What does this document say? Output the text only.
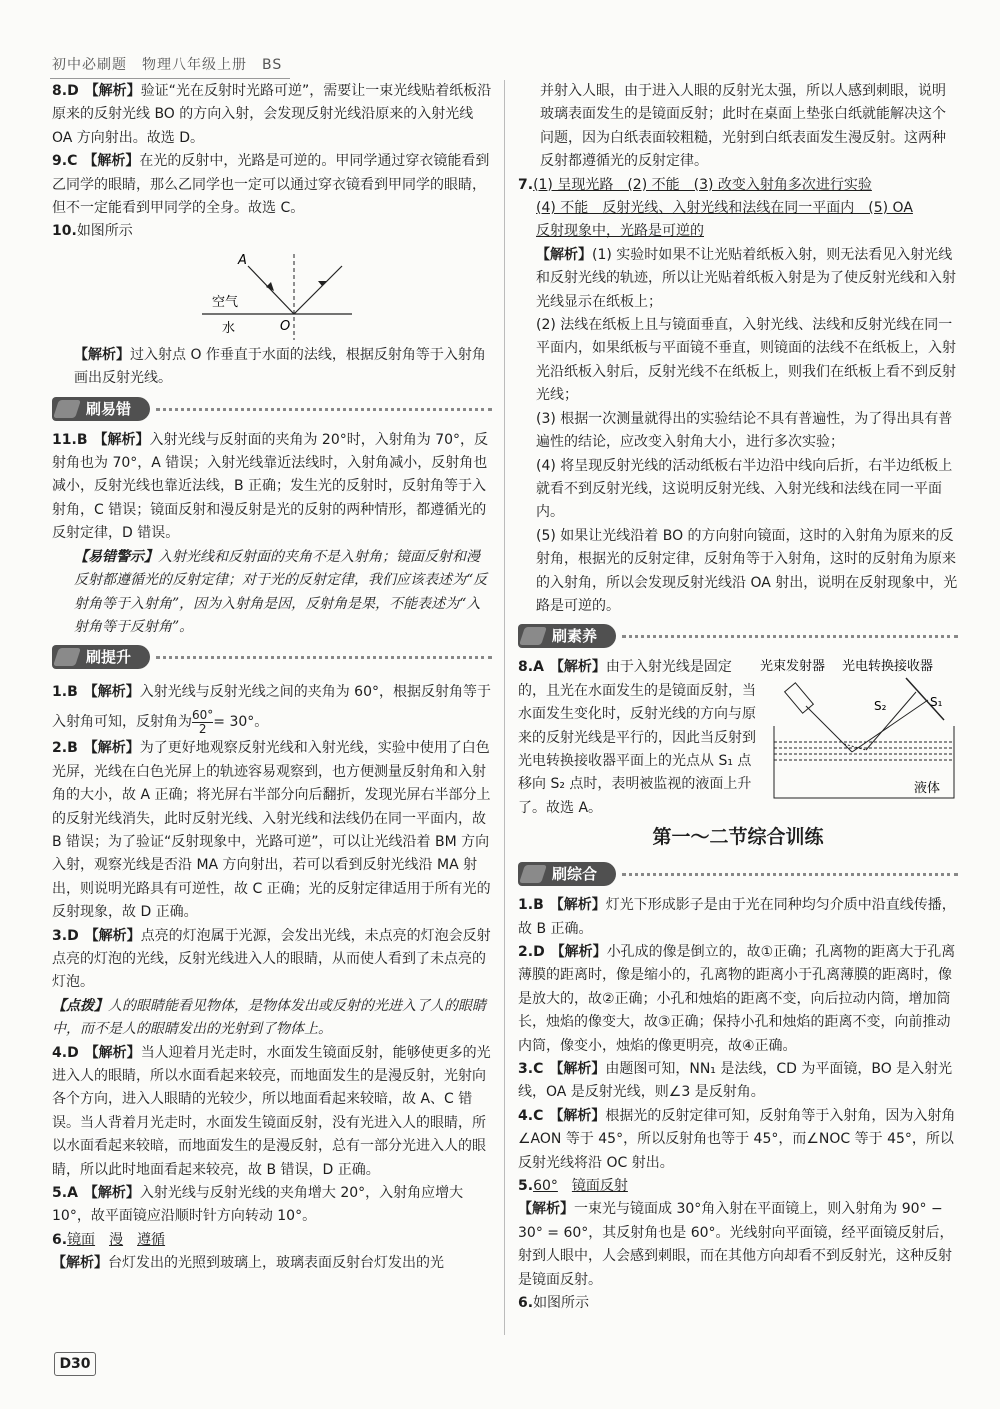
初中必刷题　物理八年级上册　BS

8.D 【解析】验证“光在反射时光路可逆”，需要让一束光线贴着纸板沿原来的反射光线 BO 的方向入射，会发现反射光线沿原来的入射光线 OA 方向射出。故选 D。

9.C 【解析】在光的反射中，光路是可逆的。甲同学通过穿衣镜能看到乙同学的眼睛，那么乙同学也一定可以通过穿衣镜看到甲同学的眼睛，但不一定能看到甲同学的全身。故选 C。

10.如图所示

A
空气
水	O

【解析】过入射点 O 作垂直于水面的法线，根据反射角等于入射角画出反射光线。

刷易错

11.B 【解析】入射光线与反射面的夹角为 20°时，入射角为 70°，反射角也为 70°，A 错误；入射光线靠近法线时，入射角减小，反射角也减小，反射光线也靠近法线，B 正确；发生光的反射时，反射角等于入射角，C 错误；镜面反射和漫反射是光的反射的两种情形，都遵循光的反射定律，D 错误。

【易错警示】入射光线和反射面的夹角不是入射角；镜面反射和漫反射都遵循光的反射定律；对于光的反射定律，我们应该表述为“反射角等于入射角”，因为入射角是因，反射角是果，不能表述为“入射角等于反射角”。

刷提升

1.B 【解析】入射光线与反射光线之间的夹角为 60°，根据反射角等于入射角可知，反射角为 $\frac{60^\circ}{2} = 30^\circ$。

2.B 【解析】为了更好地观察反射光线和入射光线，实验中使用了白色光屏，光线在白色光屏上的轨迹容易观察到，也方便测量反射角和入射角的大小，故 A 正确；将光屏右半部分向后翻折，发现光屏右半部分上的反射光线消失，此时反射光线、入射光线和法线仍在同一平面内，故 B 错误；为了验证“反射现象中，光路可逆”，可以让光线沿着 BM 方向入射，观察光线是否沿 MA 方向射出，若可以看到反射光线沿 MA 射出，则说明光路具有可逆性，故 C 正确；光的反射定律适用于所有光的反射现象，故 D 正确。

3.D 【解析】点亮的灯泡属于光源，会发出光线，未点亮的灯泡会反射点亮的灯泡的光线，反射光线进入人的眼睛，从而使人看到了未点亮的灯泡。

【点拨】人的眼睛能看见物体，是物体发出或反射的光进入了人的眼睛中，而不是人的眼睛发出的光射到了物体上。

4.D 【解析】当人迎着月光走时，水面发生镜面反射，能够使更多的光进入人的眼睛，所以水面看起来较亮，而地面发生的是漫反射，光射向各个方向，进入人眼睛的光较少，所以地面看起来较暗，故 A、C 错误。当人背着月光走时，水面发生镜面反射，没有光进入人的眼睛，所以水面看起来较暗，而地面发生的是漫反射，总有一部分光进入人的眼睛，所以此时地面看起来较亮，故 B 错误，D 正确。

5.A 【解析】入射光线与反射光线的夹角增大 20°，入射角应增大 10°，故平面镜应沿顺时针方向转动 10°。

6.镜面　 漫　 遵循

【解析】台灯发出的光照到玻璃上，玻璃表面反射台灯发出的光

并射入人眼，由于进入人眼的反射光太强，所以人感到刺眼，说明玻璃表面发生的是镜面反射；此时在桌面上垫张白纸就能解决这个问题，因为白纸表面较粗糙，光射到白纸表面发生漫反射。这两种反射都遵循光的反射定律。

7.(1) 呈现光路　(2) 不能　(3) 改变入射角多次进行实验

(4) 不能　反射光线、入射光线和法线在同一平面内　(5) OA

反射现象中，光路是可逆的

【解析】(1) 实验时如果不让光贴着纸板入射，则无法看见入射光线和反射光线的轨迹，所以让光贴着纸板入射是为了使反射光线和入射光线显示在纸板上；

(2) 法线在纸板上且与镜面垂直，入射光线、法线和反射光线在同一平面内，如果纸板与平面镜不垂直，则镜面的法线不在纸板上，入射光沿纸板入射后，反射光线不在纸板上，则我们在纸板上看不到反射光线；

(3) 根据一次测量就得出的实验结论不具有普遍性，为了得出具有普遍性的结论，应改变入射角大小，进行多次实验；

(4) 将呈现反射光线的活动纸板右半边沿中线向后折，右半边纸板上就看不到反射光线，这说明反射光线、入射光线和法线在同一平面内。

(5) 如果让光线沿着 BO 的方向射向镜面，这时的入射角为原来的反射角，根据光的反射定律，反射角等于入射角，这时的反射角为原来的入射角，所以会发现反射光线沿 OA 射出，说明在反射现象中，光路是可逆的。

刷素养

8.A 【解析】由于入射光线是固定的，且光在水面发生的是镜面反射，当水面发生变化时，反射光线的方向与原来的反射光线是平行的，因此当反射到光电转换接收器平面上的光点从 S₁ 点移向 S₂ 点时，表明被监视的液面上升了。故选 A。

光束发射器 光电转换接收器
S₂	S₁
液体
第一～二节综合训练
刷综合

1.B 【解析】灯光下形成影子是由于光在同种均匀介质中沿直线传播，故 B 正确。

2.D 【解析】小孔成的像是倒立的，故①正确；孔离物的距离大于孔离薄膜的距离时，像是缩小的，孔离物的距离小于孔离薄膜的距离时，像是放大的，故②正确；小孔和烛焰的距离不变，向后拉动内筒，增加筒长，烛焰的像变大，故③正确；保持小孔和烛焰的距离不变，向前推动内筒，像变小，烛焰的像更明亮，故④正确。

3.C 【解析】由题图可知，NN₁ 是法线，CD 为平面镜，BO 是入射光线，OA 是反射光线，则∠3 是反射角。

4.C 【解析】根据光的反射定律可知，反射角等于入射角，因为入射角∠AON 等于 45°，所以反射角也等于 45°，而∠NOC 等于 45°，所以反射光线将沿 OC 射出。

5.60°　 镜面反射

【解析】一束光与镜面成 30°角入射在平面镜上，则入射角为 90° − 30° = 60°，其反射角也是 60°。光线射向平面镜，经平面镜反射后，射到人眼中，人会感到刺眼，而在其他方向却看不到反射光，这种反射是镜面反射。

6.如图所示

D30
